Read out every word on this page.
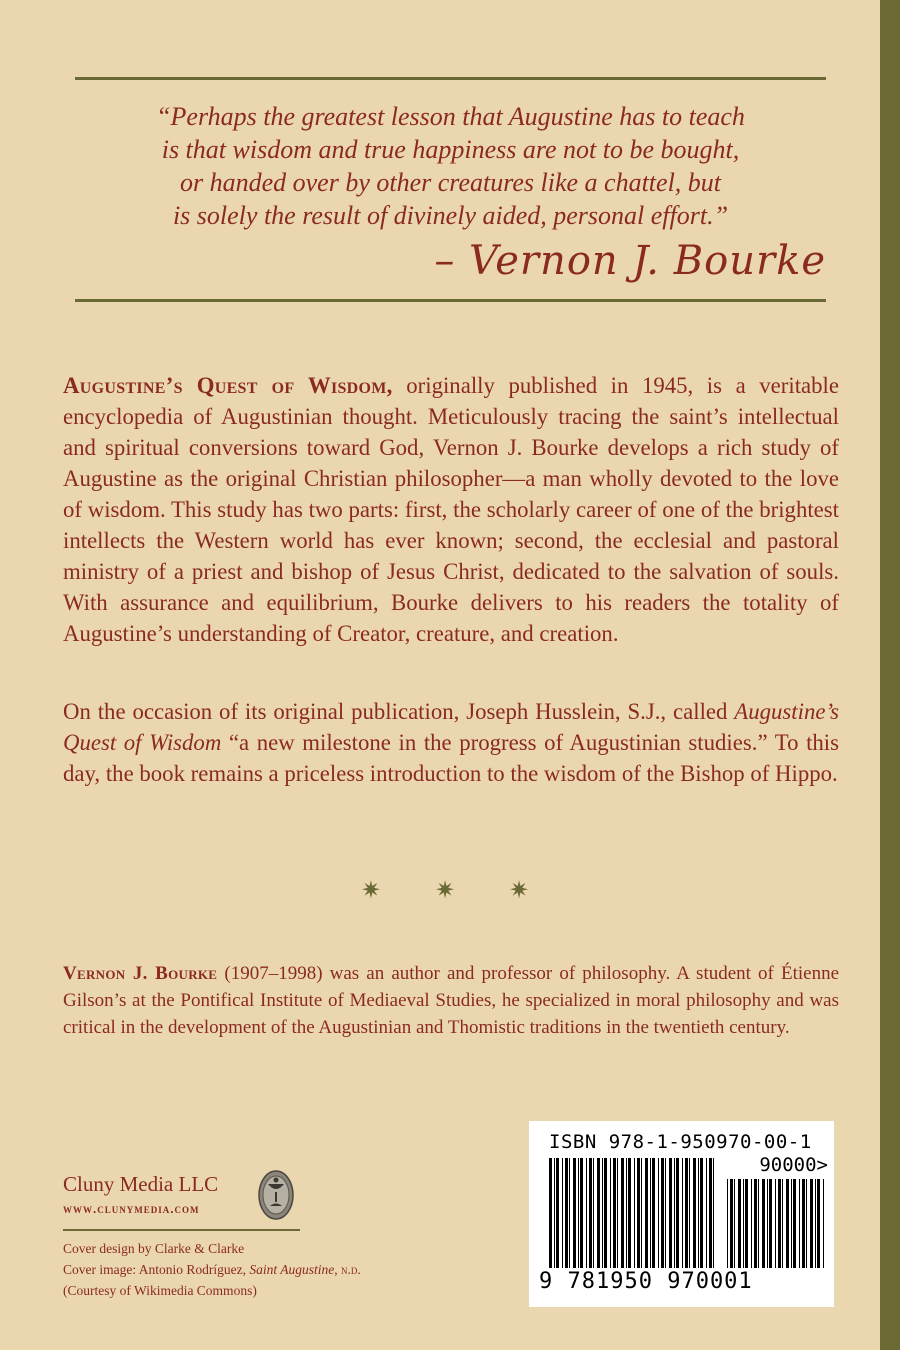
“Perhaps the greatest lesson that Augustine has to teach
is that wisdom and true happiness are not to be bought,
or handed over by other creatures like a chattel, but
is solely the result of divinely aided, personal effort.”
– Vernon J. Bourke
Augustine’s Quest of Wisdom, originally published in 1945, is a veritable encyclopedia of Augustinian thought. Meticulously tracing the saint’s intellectual and spiritual conversions toward God, Vernon J. Bourke develops a rich study of Augustine as the original Christian philosopher—a man wholly devoted to the love of wisdom. This study has two parts: first, the scholarly career of one of the brightest intellects the Western world has ever known; second, the ecclesial and pastoral ministry of a priest and bishop of Jesus Christ, dedicated to the salvation of souls. With assurance and equilibrium, Bourke delivers to his readers the totality of Augustine’s understanding of Creator, creature, and creation.
On the occasion of its original publication, Joseph Husslein, S.J., called Augustine’s Quest of Wisdom “a new milestone in the progress of Augustinian studies.” To this day, the book remains a priceless introduction to the wisdom of the Bishop of Hippo.
✷ ✷ ✷
Vernon J. Bourke (1907–1998) was an author and professor of philosophy. A student of Étienne Gilson’s at the Pontifical Institute of Mediaeval Studies, he specialized in moral philosophy and was critical in the development of the Augustinian and Thomistic traditions in the twentieth century.
Cluny Media LLC
www.clunymedia.com
Cover design by Clarke & Clarke
Cover image: Antonio Rodríguez, Saint Augustine, n.d.
(Courtesy of Wikimedia Commons)
ISBN 978-1-950970-00-1
90000>
9 781950 970001
